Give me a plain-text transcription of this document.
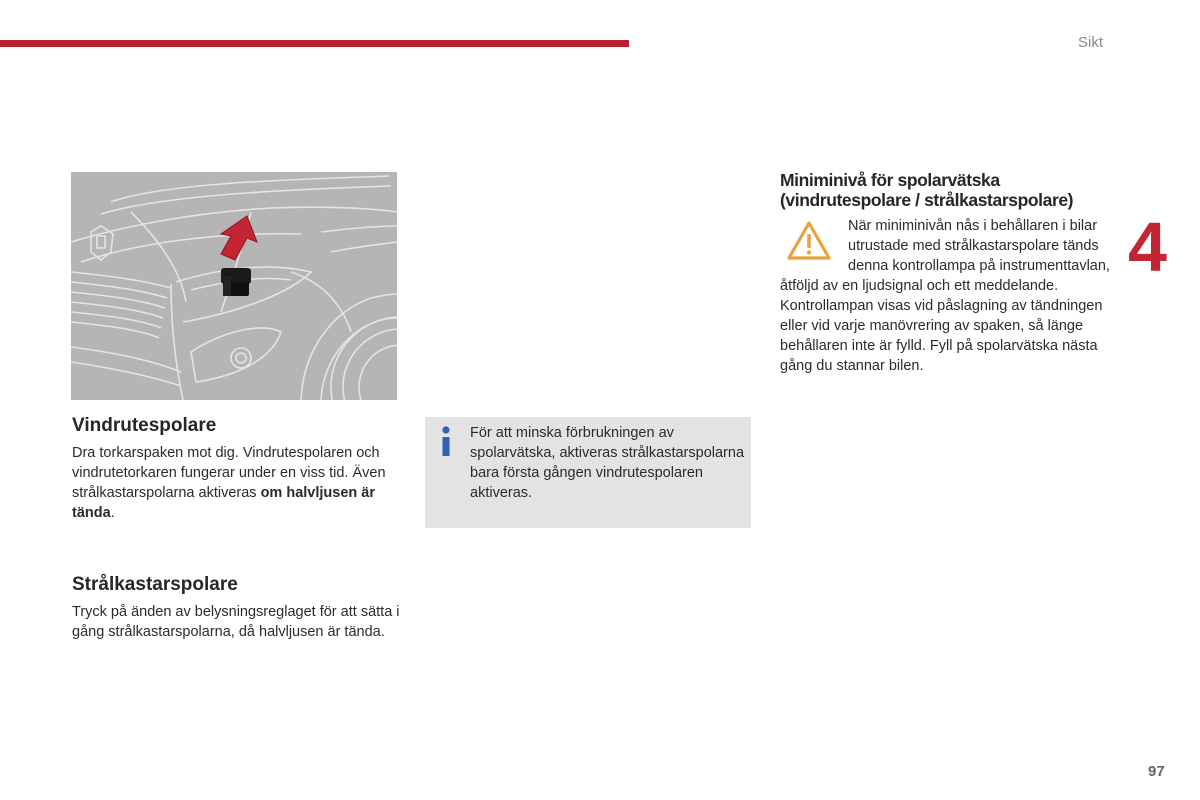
Sikt
4
97
Vindrutespolare

Dra torkarspaken mot dig. Vindrutespolaren och vindrutetorkaren fungerar under en viss tid. Även strålkastarspolarna aktiveras om halvljusen är tända.

Strålkastarspolare

Tryck på änden av belysningsreglaget för att sätta i gång strålkastarspolarna, då halvljusen är tända.

För att minska förbrukningen av spolarvätska, aktiveras strålkastarspolarna bara första gången vindrutespolaren aktiveras.
Miniminivå för spolarvätska (vindrutespolare / strålkastarspolare)

När miniminivån nås i behållaren i bilar utrustade med strålkastarspolare tänds denna kontrollampa på instrumenttavlan,

åtföljd av en ljudsignal och ett meddelande. Kontrollampan visas vid påslagning av tändningen eller vid varje manövrering av spaken, så länge behållaren inte är fylld. Fyll på spolarvätska nästa gång du stannar bilen.
